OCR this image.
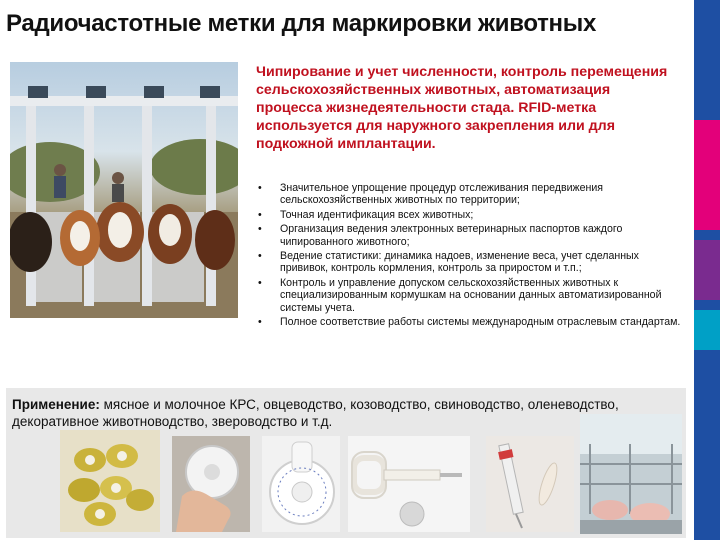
Радиочастотные метки для маркировки животных
Чипирование и учет численности, контроль перемещения сельскохозяйственных животных, автоматизация процесса жизнедеятельности стада. RFID-метка используется для наружного закрепления или для подкожной имплантации.
• Значительное упрощение процедур отслеживания передвижения сельскохозяйственных животных по территории;
• Точная идентификация всех животных;
• Организация ведения электронных ветеринарных паспортов каждого чипированного животного;
• Ведение статистики: динамика надоев, изменение веса, учет сделанных прививок, контроль кормления, контроль за приростом и т.п.;
• Контроль и управление допуском сельскохозяйственных животных к специализированным кормушкам на основании данных автоматизированной системы учета.
• Полное соответствие работы системы международным отраслевым стандартам.
Применение: мясное и молочное КРС, овцеводство, козоводство, свиноводство, оленеводство, декоративное животноводство, звероводство и т.д.
